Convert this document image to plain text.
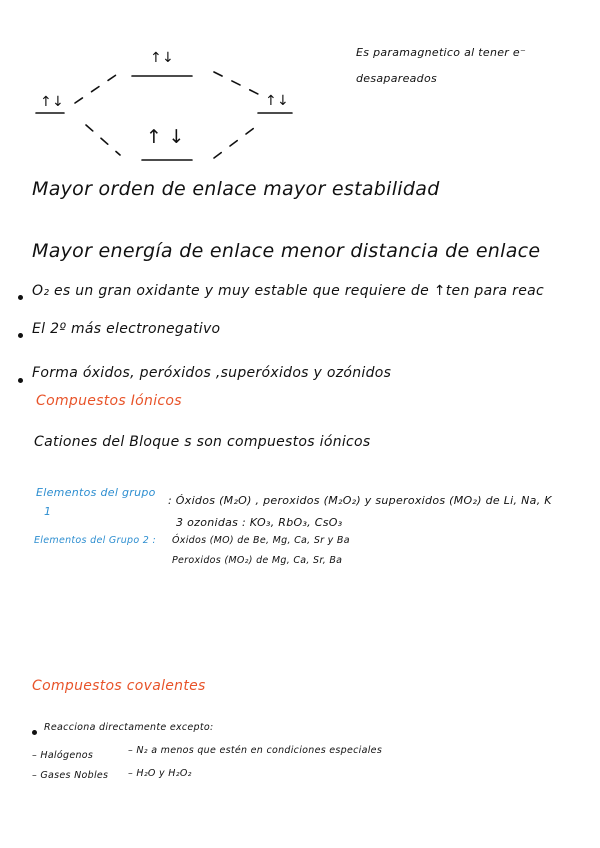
↑↓
↑↓
↑↓
↑ ↓
Es paramagnetico al tener e⁻
desapareados
Mayor orden de enlace mayor estabilidad
Mayor energía de enlace menor distancia de enlace
O₂ es un gran oxidante y muy estable que requiere de ↑ten para reac
El 2º más electronegativo
Forma óxidos, peróxidos ,superóxidos y ozónidos
Compuestos Iónicos
Cationes del Bloque s son compuestos iónicos
Elementos del grupo
1
: Óxidos (M₂O) , peroxidos (M₂O₂) y superoxidos (MO₂) de Li, Na, K
3 ozonidas : KO₃, RbO₃, CsO₃
Elementos del Grupo 2 : Óxidos (MO) de Be, Mg, Ca, Sr y Ba
Peroxidos (MO₂) de Mg, Ca, Sr, Ba
Compuestos covalentes
Reacciona directamente excepto:
– Halógenos
– Gases Nobles
– N₂ a menos que estén en condiciones especiales
– H₂O y H₂O₂
